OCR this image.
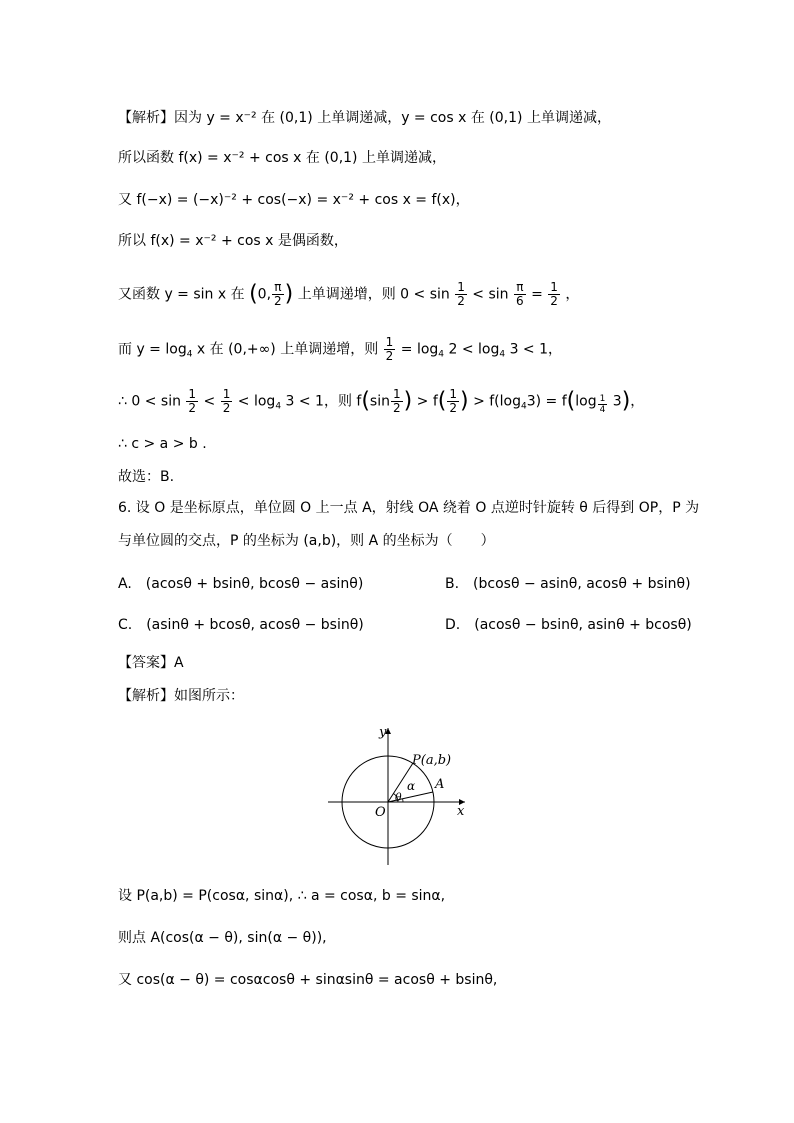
【解析】因为 y = x⁻² 在 (0,1) 上单调递减，y = cos x 在 (0,1) 上单调递减，
所以函数 f(x) = x⁻² + cos x 在 (0,1) 上单调递减，
又 f(−x) = (−x)⁻² + cos(−x) = x⁻² + cos x = f(x)，
所以 f(x) = x⁻² + cos x 是偶函数，
又函数 y = sin x 在 (0, $\frac{\pi}{2}$ ) 上单调递增，则 $0 < \sin \frac{1}{2} < \sin \frac{\pi}{6} = \frac{1}{2}$ ，
而 $y = \log_4 x$ 在 (0,+∞) 上单调递增，则 $\frac{1}{2} = \log_4 2 < \log_4 3 < 1$，
∴ $0 < \sin \frac{1}{2} < \frac{1}{2} < \log_4 3 < 1$，则 $f(\sin \frac{1}{2}$ ) > $f( \frac{1}{2}$ ) > $f(\log_43) = f(\log \frac{1}{4} 3)$，
∴ c > a > b .
故选：B.
6. 设 O 是坐标原点，单位圆 O 上一点 A，射线 OA 绕着 O 点逆时针旋转 θ 后得到 OP，P 为
与单位圆的交点，P 的坐标为 (a,b)，则 A 的坐标为（　　）
A.　(acosθ + bsinθ, bcosθ − asinθ)	B.　(bcosθ − asinθ, acosθ + bsinθ)
C.　(asinθ + bcosθ, acosθ − bsinθ)	D.　(acosθ − bsinθ, asinθ + bcosθ)
【答案】A
【解析】如图所示：
y
x
O
P(a,b)
A
α
θ
设 P(a,b) = P(cosα, sinα), ∴ a = cosα, b = sinα,
则点 A(cos(α − θ), sin(α − θ)),
又 cos(α − θ) = cosαcosθ + sinαsinθ = acosθ + bsinθ,
